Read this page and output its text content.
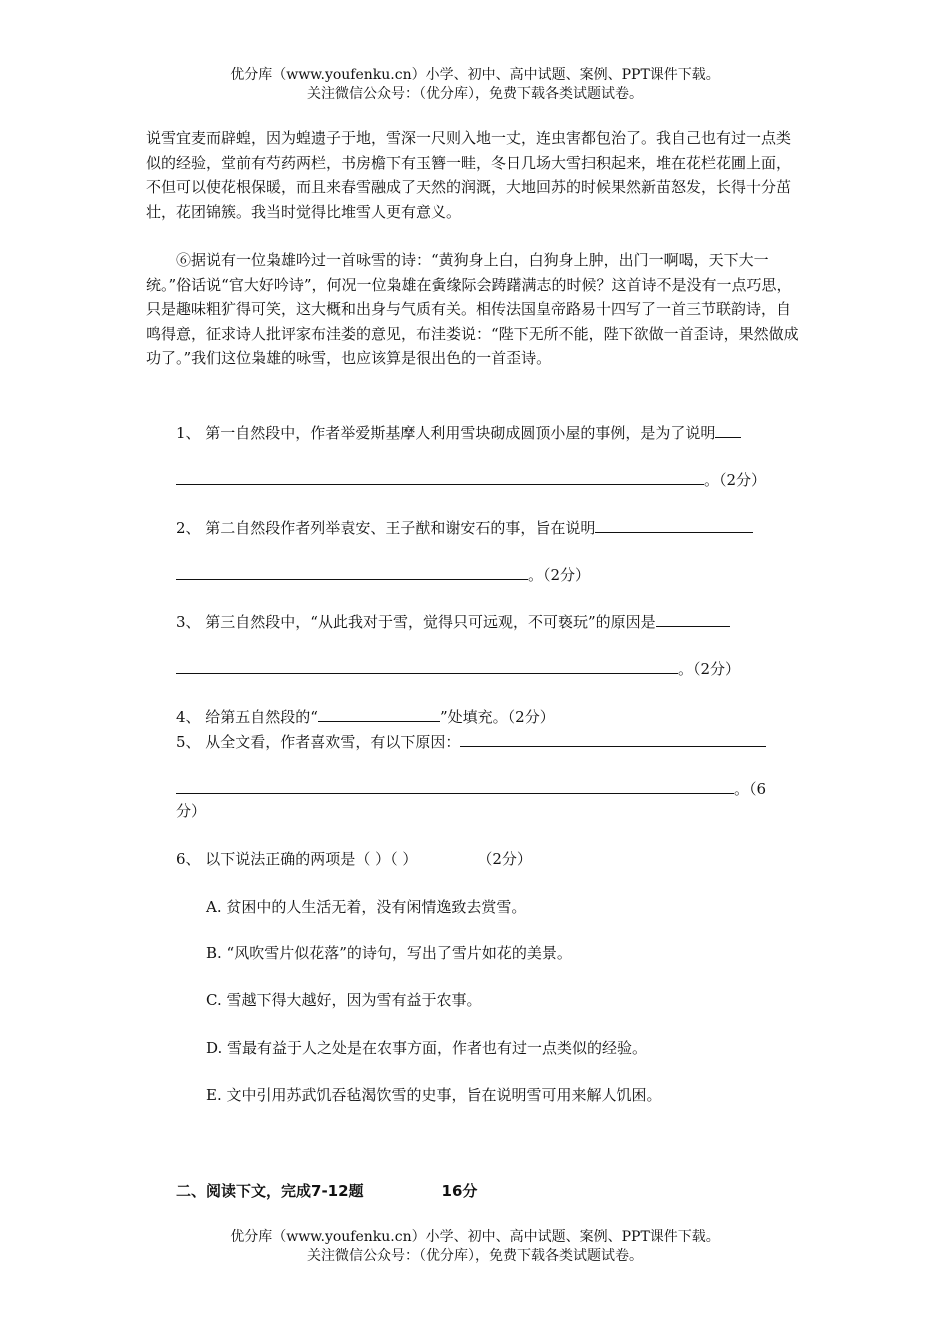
优分库（www.youfenku.cn）小学、初中、高中试题、案例、PPT课件下载。
关注微信公众号：（优分库），免费下载各类试题试卷。
说雪宜麦而辟蝗，因为蝗遗子于地，雪深一尺则入地一丈，连虫害都包治了。我自己也有过一点类似的经验，堂前有芍药两栏，书房檐下有玉簪一畦，冬日几场大雪扫积起来，堆在花栏花圃上面，不但可以使花根保暖，而且来春雪融成了天然的润溉，大地回苏的时候果然新苗怒发，长得十分茁壮，花团锦簇。我当时觉得比堆雪人更有意义。
⑥据说有一位枭雄吟过一首咏雪的诗：“黄狗身上白，白狗身上肿，出门一啊喝，天下大一统。”俗话说“官大好吟诗”，何况一位枭雄在夤缘际会踌躇满志的时候？这首诗不是没有一点巧思，只是趣味粗犷得可笑，这大概和出身与气质有关。相传法国皇帝路易十四写了一首三节联韵诗，自鸣得意，征求诗人批评家布洼娄的意见，布洼娄说：“陛下无所不能，陛下欲做一首歪诗，果然做成功了。”我们这位枭雄的咏雪，也应该算是很出色的一首歪诗。
1、 第一自然段中，作者举爱斯基摩人利用雪块砌成圆顶小屋的事例，是为了说明
。（2分）
2、 第二自然段作者列举袁安、王子猷和谢安石的事，旨在说明
。（2分）
3、 第三自然段中，“从此我对于雪，觉得只可远观，不可亵玩”的原因是
。（2分）
4、 给第五自然段的“	”处填充。（2分）
5、 从全文看，作者喜欢雪，有以下原因：
。（6
分）
6、 以下说法正确的两项是（ ）（ ）	（2分）
A. 贫困中的人生活无着，没有闲情逸致去赏雪。
B. “风吹雪片似花落”的诗句，写出了雪片如花的美景。
C. 雪越下得大越好，因为雪有益于农事。
D. 雪最有益于人之处是在农事方面，作者也有过一点类似的经验。
E. 文中引用苏武饥吞毡渴饮雪的史事，旨在说明雪可用来解人饥困。
二、阅读下文，完成7-12题	16分
优分库（www.youfenku.cn）小学、初中、高中试题、案例、PPT课件下载。
关注微信公众号：（优分库），免费下载各类试题试卷。
